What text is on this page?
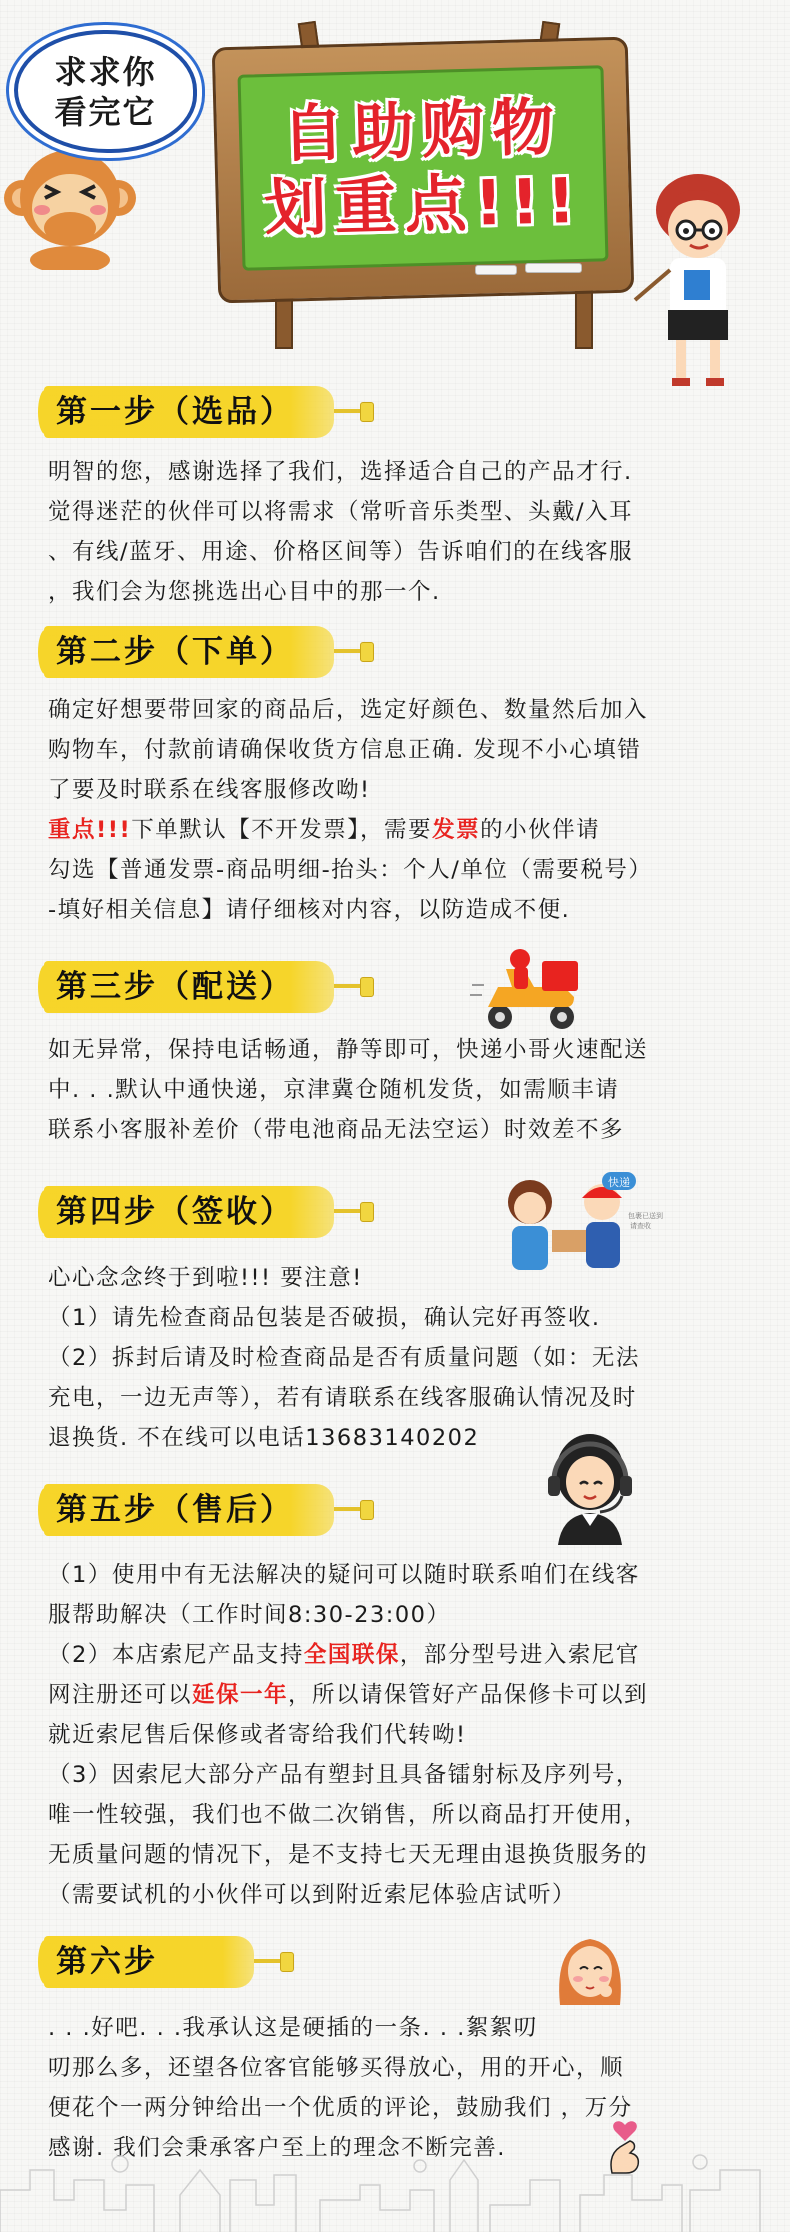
求求你
看完它 自助购物
划重点!!!
第一步（选品）

明智的您，感谢选择了我们，选择适合自己的产品才行.

觉得迷茫的伙伴可以将需求（常听音乐类型、头戴/入耳

、有线/蓝牙、用途、价格区间等）告诉咱们的在线客服

，我们会为您挑选出心目中的那一个.

第二步（下单）

确定好想要带回家的商品后，选定好颜色、数量然后加入

购物车，付款前请确保收货方信息正确. 发现不小心填错

了要及时联系在线客服修改呦!

重点!!!下单默认【不开发票】，需要发票的小伙伴请

勾选【普通发票-商品明细-抬头：个人/单位（需要税号）

-填好相关信息】请仔细核对内容，以防造成不便.

第三步（配送）

如无异常，保持电话畅通，静等即可，快递小哥火速配送

中. . .默认中通快递，京津冀仓随机发货，如需顺丰请

联系小客服补差价（带电池商品无法空运）时效差不多

第四步（签收）
快递
包裹已送到
请查收

心心念念终于到啦!!! 要注意!

（1）请先检查商品包装是否破损，确认完好再签收.

（2）拆封后请及时检查商品是否有质量问题（如：无法

充电，一边无声等），若有请联系在线客服确认情况及时

退换货. 不在线可以电话13683140202

第五步（售后）

（1）使用中有无法解决的疑问可以随时联系咱们在线客

服帮助解决（工作时间8:30-23:00）

（2）本店索尼产品支持全国联保，部分型号进入索尼官

网注册还可以延保一年，所以请保管好产品保修卡可以到

就近索尼售后保修或者寄给我们代转呦!

（3）因索尼大部分产品有塑封且具备镭射标及序列号，

唯一性较强，我们也不做二次销售，所以商品打开使用，

无质量问题的情况下，是不支持七天无理由退换货服务的

（需要试机的小伙伴可以到附近索尼体验店试听）

第六步

. . .好吧. . .我承认这是硬插的一条. . .絮絮叨

叨那么多，还望各位客官能够买得放心，用的开心，顺

便花个一两分钟给出一个优质的评论，鼓励我们 ，万分

感谢. 我们会秉承客户至上的理念不断完善.
